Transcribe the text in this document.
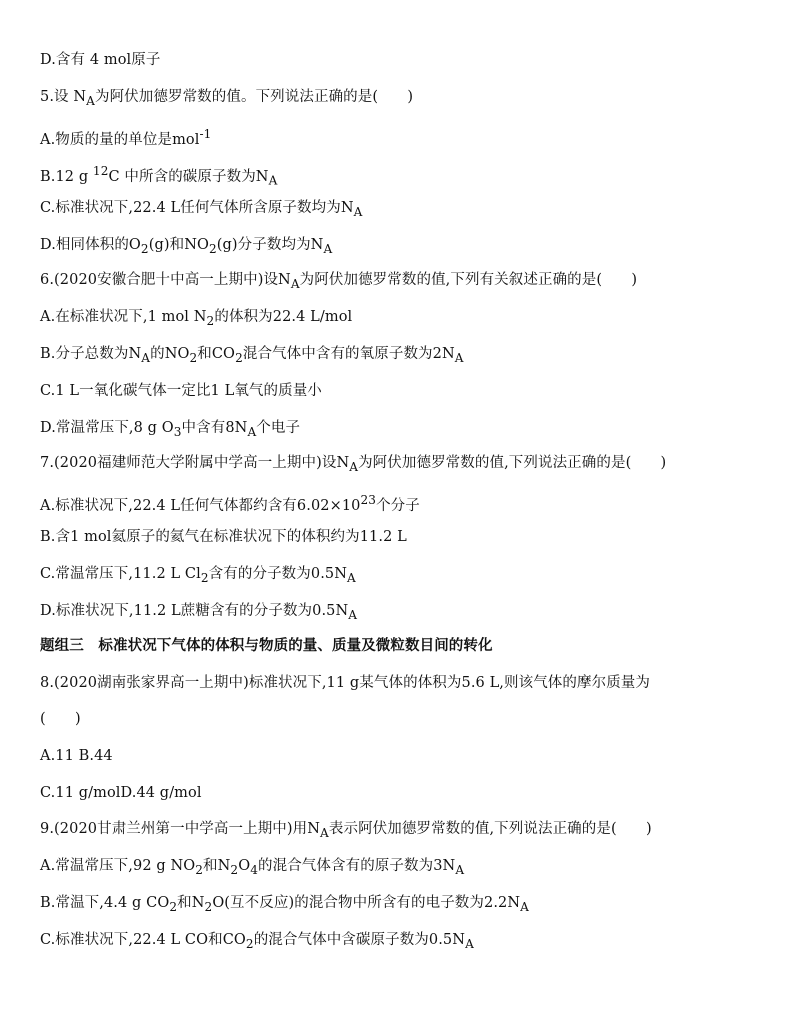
D.含有 4 mol原子
5.设 $N_A$为阿伏加德罗常数的值。下列说法正确的是(　　)
A.物质的量的单位是mol$^{-1}$
B.12 g $^{12}$C 中所含的碳原子数为$N_A$
C.标准状况下,22.4 L任何气体所含原子数均为$N_A$
D.相同体积的$O_2(g)$和$NO_2(g)$分子数均为$N_A$
6.(2020安徽合肥十中高一上期中)设$N_A$为阿伏加德罗常数的值,下列有关叙述正确的是(　　)
A.在标准状况下,1 mol $N_2$的体积为22.4 L/mol
B.分子总数为$N_A$的$NO_2$和$CO_2$混合气体中含有的氧原子数为$2N_A$
C.1 L一氧化碳气体一定比1 L氧气的质量小
D.常温常压下,8 g $O_3$中含有$8N_A$个电子
7.(2020福建师范大学附属中学高一上期中)设$N_A$为阿伏加德罗常数的值,下列说法正确的是(　　)
A.标准状况下,22.4 L任何气体都约含有$6.02\times 10^{23}$个分子
B.含1 mol氦原子的氦气在标准状况下的体积约为11.2 L
C.常温常压下,11.2 L $Cl_2$含有的分子数为$0.5N_A$
D.标准状况下,11.2 L蔗糖含有的分子数为$0.5N_A$
题组三　标准状况下气体的体积与物质的量、质量及微粒数目间的转化
8.(2020湖南张家界高一上期中)标准状况下,11 g某气体的体积为5.6 L,则该气体的摩尔质量为
(　　)
A.11 B.44
C.11 g/molD.44 g/mol
9.(2020甘肃兰州第一中学高一上期中)用$N_A$表示阿伏加德罗常数的值,下列说法正确的是(　　)
A.常温常压下,92 g $NO_2$和$N_2O_4$的混合气体含有的原子数为$3N_A$
B.常温下,4.4 g $CO_2$和$N_2O$(互不反应)的混合物中所含有的电子数为$2.2N_A$
C.标准状况下,22.4 L CO和$CO_2$的混合气体中含碳原子数为$0.5N_A$
